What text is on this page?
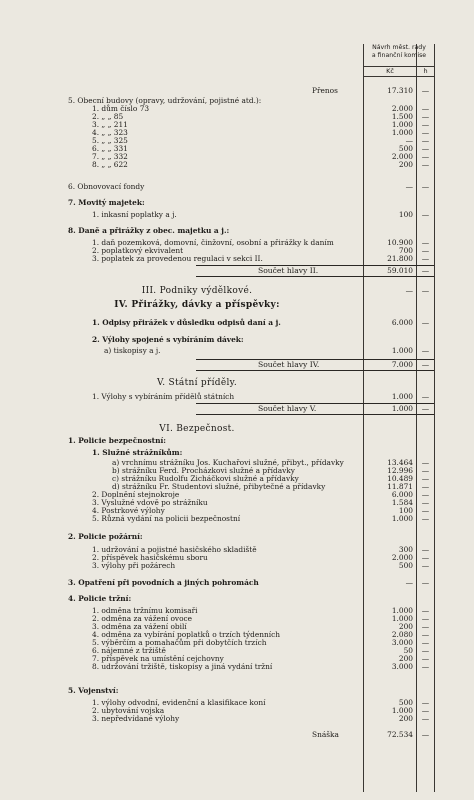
Návrh měst. rady
a finanční komise
Kč	h
Přenos	17.310	—
5. Obecní budovy (opravy, udržování, pojistné atd.):
1. dům číslo 73	2.000	—
2. „ „ 85	1.500	—
3. „ „ 211	1.000	—
4. „ „ 323	1.000	—
5. „ „ 325	—	—
6. „ „ 331	500	—
7. „ „ 332	2.000	—
8. „ „ 622	200	—
6. Obnovovací fondy	—	—
7. Movitý majetek:
1. inkasní poplatky a j.	100	—
8. Daně a přirážky z obec. majetku a j.:
1. daň pozemková, domovní, činžovní, osobní a přirážky k daním	10.900	—
2. poplatkový ekvivalent	700	—
3. poplatek za provedenou regulaci v sekci II.	21.800	—
Součet hlavy II.	59.010	—
III. Podniky výdělkové.	—	—
IV. Přirážky, dávky a příspěvky:
1. Odpisy přirážek v důsledku odpisů daní a j.	6.000	—
2. Výlohy spojené s vybíráním dávek:
a) tiskopisy a j.	1.000	—
Součet hlavy IV.	7.000	—
V. Státní příděly.
1. Výlohy s vybíráním přídělů státních	1.000	—
Součet hlavy V.	1.000	—
VI. Bezpečnost.
1. Policie bezpečnostní:
1. Služné strážníkům:
a) vrchnímu strážníku Jos. Kuchařovi služné, přibyt., přídavky	13.464	—
b) strážníku Ferd. Procházkovi služné a přídavky	12.996	—
c) strážníku Rudolfu Zicháčkovi služné a přídavky	10.489	—
d) strážníku Fr. Studentovi služné, přibytečné a přídavky	11.871	—
2. Doplnění stejnokroje	6.000	—
3. Vyslužné vdově po strážníku	1.584	—
4. Postrkové výlohy	100	—
5. Různá vydání na policii bezpečnostní	1.000	—
2. Policie požární:
1. udržování a pojistné hasičského skladiště	300	—
2. příspěvek hasičskému sboru	2.000	—
3. výlohy při požárech	500	—
3. Opatření při povodních a jiných pohromách	—	—
4. Policie tržní:
1. odměna tržnímu komisaři	1.000	—
2. odměna za vážení ovoce	1.000	—
3. odměna za vážení obilí	200	—
4. odměna za vybírání poplatků o trzích týdenních	2.080	—
5. výběrčím a pomahačům při dobytčích trzích	3.000	—
6. nájemné z tržiště	50	—
7. příspěvek na umístění cejchovny	200	—
8. udržování tržiště, tiskopisy a jiná vydání tržní	3.000	—
5. Vojenství:
1. výlohy odvodní, evidenční a klasifikace koní	500	—
2. ubytování vojska	1.000	—
3. nepředvídané výlohy	200	—
Snáška	72.534	—
